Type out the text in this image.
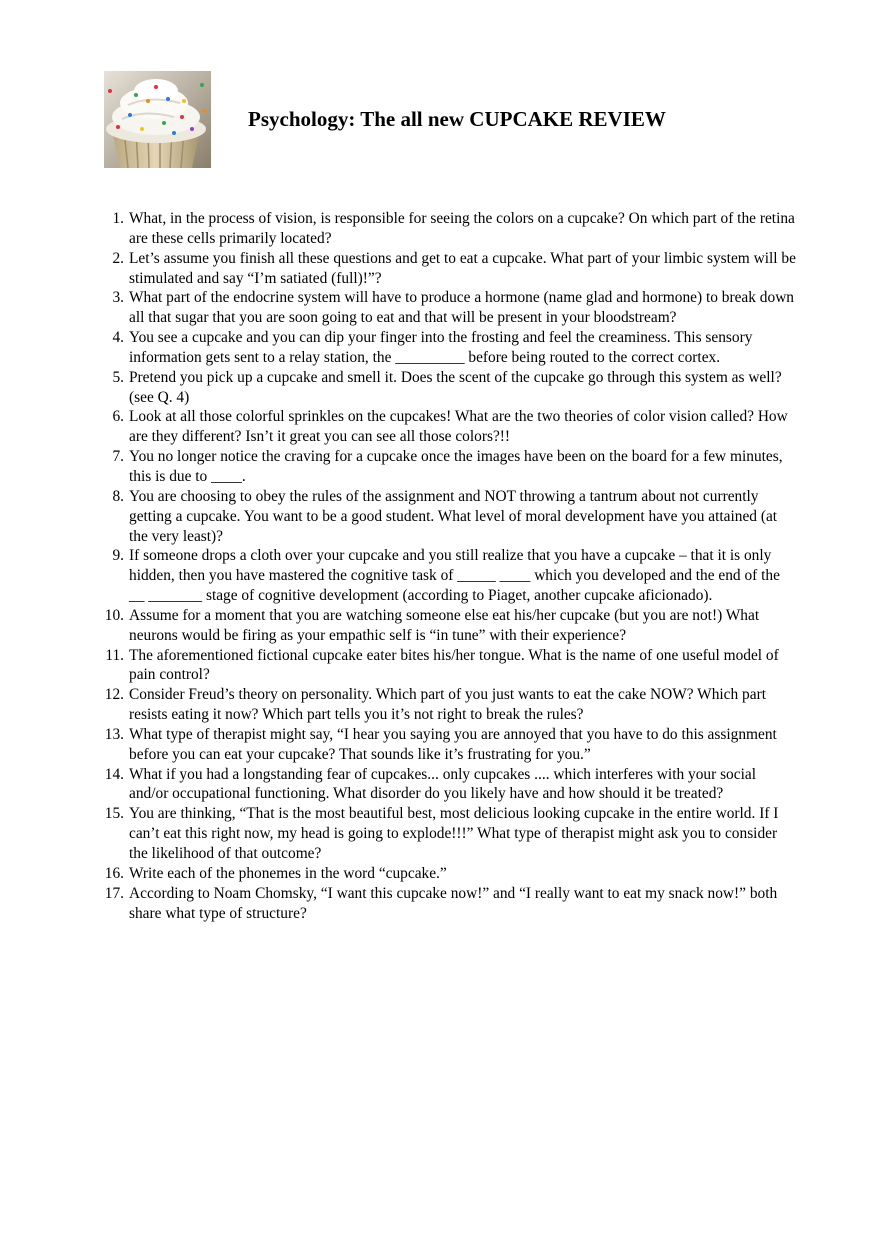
Psychology: The all new CUPCAKE REVIEW
1. What, in the process of vision, is responsible for seeing the colors on a cupcake? On which part of the retina are these cells primarily located?
2. Let’s assume you finish all these questions and get to eat a cupcake. What part of your limbic system will be stimulated and say “I’m satiated (full)!”?
3. What part of the endocrine system will have to produce a hormone (name glad and hormone) to break down all that sugar that you are soon going to eat and that will be present in your bloodstream?
4. You see a cupcake and you can dip your finger into the frosting and feel the creaminess. This sensory information gets sent to a relay station, the _________ before being routed to the correct cortex.
5. Pretend you pick up a cupcake and smell it. Does the scent of the cupcake go through this system as well? (see Q. 4)
6. Look at all those colorful sprinkles on the cupcakes! What are the two theories of color vision called? How are they different? Isn’t it great you can see all those colors?!!
7. You no longer notice the craving for a cupcake once the images have been on the board for a few minutes, this is due to ____.
8. You are choosing to obey the rules of the assignment and NOT throwing a tantrum about not currently getting a cupcake. You want to be a good student. What level of moral development have you attained (at the very least)?
9. If someone drops a cloth over your cupcake and you still realize that you have a cupcake – that it is only hidden, then you have mastered the cognitive task of _____ ____ which you developed and the end of the __ _______ stage of cognitive development (according to Piaget, another cupcake aficionado).
10. Assume for a moment that you are watching someone else eat his/her cupcake (but you are not!) What neurons would be firing as your empathic self is “in tune” with their experience?
11. The aforementioned fictional cupcake eater bites his/her tongue. What is the name of one useful model of pain control?
12. Consider Freud’s theory on personality. Which part of you just wants to eat the cake NOW? Which part resists eating it now? Which part tells you it’s not right to break the rules?
13. What type of therapist might say, “I hear you saying you are annoyed that you have to do this assignment before you can eat your cupcake? That sounds like it’s frustrating for you.”
14. What if you had a longstanding fear of cupcakes... only cupcakes .... which interferes with your social and/or occupational functioning. What disorder do you likely have and how should it be treated?
15. You are thinking, “That is the most beautiful best, most delicious looking cupcake in the entire world. If I can’t eat this right now, my head is going to explode!!!” What type of therapist might ask you to consider the likelihood of that outcome?
16. Write each of the phonemes in the word “cupcake.”
17. According to Noam Chomsky, “I want this cupcake now!” and “I really want to eat my snack now!” both share what type of structure?
